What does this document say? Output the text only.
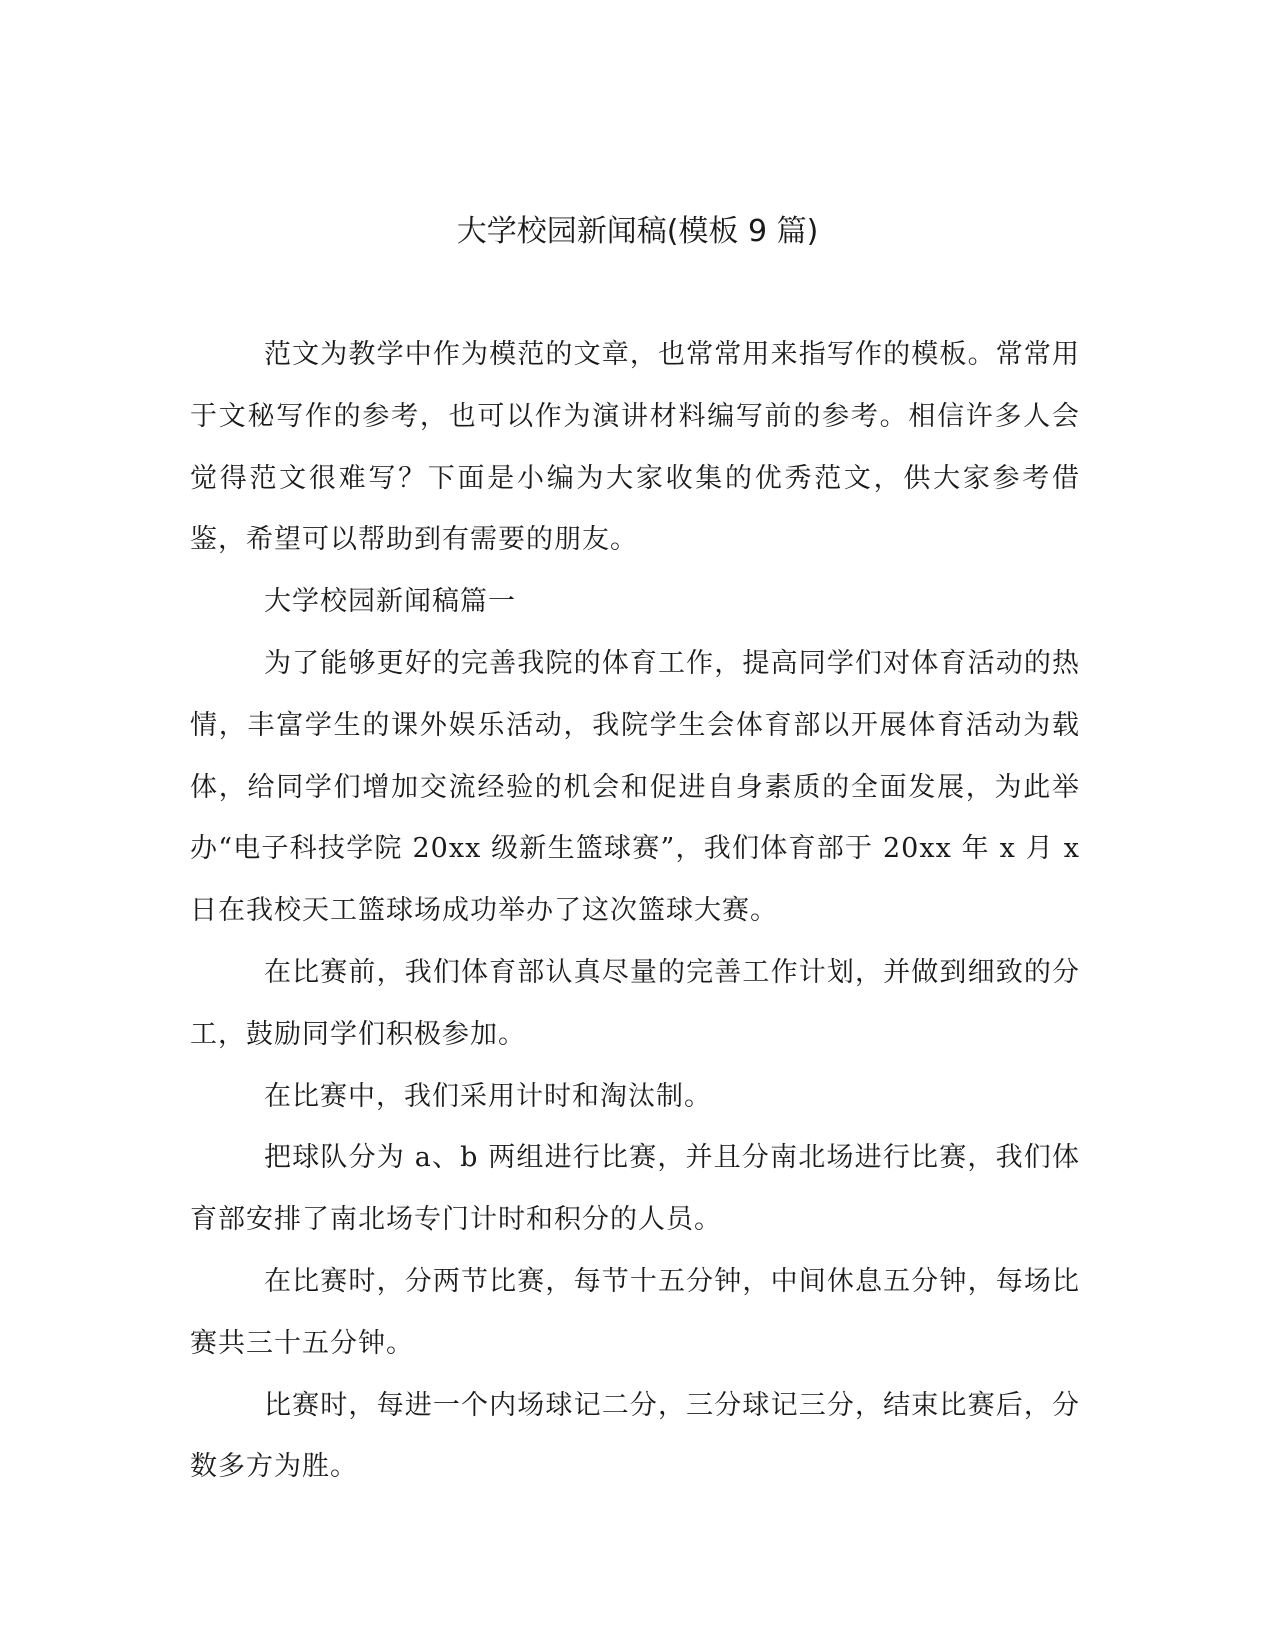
大学校园新闻稿(模板 9 篇)

范文为教学中作为模范的文章，也常常用来指写作的模板。常常用于文秘写作的参考，也可以作为演讲材料编写前的参考。相信许多人会觉得范文很难写？下面是小编为大家收集的优秀范文，供大家参考借鉴，希望可以帮助到有需要的朋友。

大学校园新闻稿篇一

为了能够更好的完善我院的体育工作，提高同学们对体育活动的热情，丰富学生的课外娱乐活动，我院学生会体育部以开展体育活动为载体，给同学们增加交流经验的机会和促进自身素质的全面发展，为此举办“电子科技学院 20xx 级新生篮球赛”，我们体育部于 20xx 年 x 月 x 日在我校天工篮球场成功举办了这次篮球大赛。

在比赛前，我们体育部认真尽量的完善工作计划，并做到细致的分工，鼓励同学们积极参加。

在比赛中，我们采用计时和淘汰制。

把球队分为 a、b 两组进行比赛，并且分南北场进行比赛，我们体育部安排了南北场专门计时和积分的人员。

在比赛时，分两节比赛，每节十五分钟，中间休息五分钟，每场比赛共三十五分钟。

比赛时，每进一个内场球记二分，三分球记三分，结束比赛后，分数多方为胜。
